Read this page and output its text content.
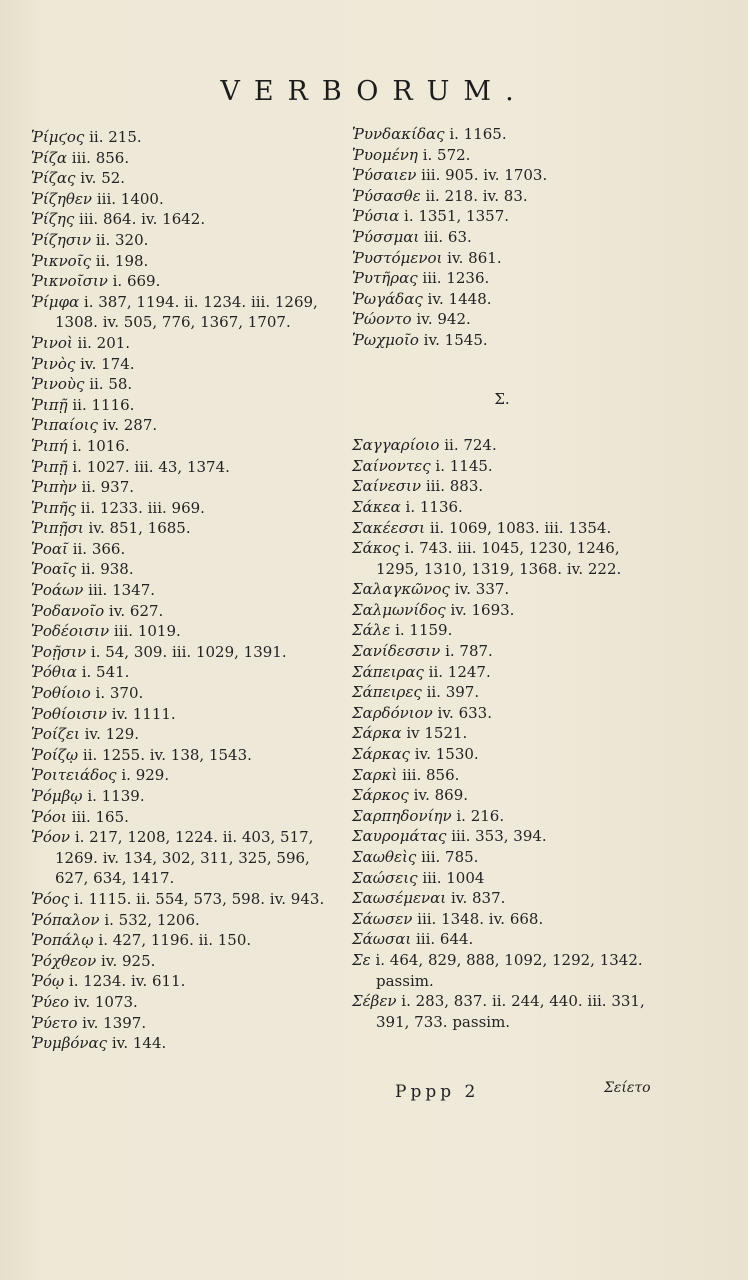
VERBORUM.

Ῥίμϛος ii. 215.

Ῥίζα iii. 856.

Ῥίζας iv. 52.

Ῥίζηθεν iii. 1400.

Ῥίζης iii. 864. iv. 1642.

Ῥίζησιν ii. 320.

Ῥικνοῖς ii. 198.

Ῥικνοῖσιν i. 669.

Ῥίμφα i. 387, 1194. ii. 1234. iii. 1269, 1308. iv. 505, 776, 1367, 1707.

Ῥινοὶ ii. 201.

Ῥινὸς iv. 174.

Ῥινοὺς ii. 58.

Ῥιπῇ ii. 1116.

Ῥιπαίοις iv. 287.

Ῥιπή i. 1016.

Ῥιπῇ i. 1027. iii. 43, 1374.

Ῥιπὴν ii. 937.

Ῥιπῆς ii. 1233. iii. 969.

Ῥιπῇσι iv. 851, 1685.

Ῥοαῖ ii. 366.

Ῥοαῖς ii. 938.

Ῥοάων iii. 1347.

Ῥοδανοῖο iv. 627.

Ῥοδέοισιν iii. 1019.

Ῥοῇσιν i. 54, 309. iii. 1029, 1391.

Ῥόθια i. 541.

Ῥοθίοιο i. 370.

Ῥοθίοισιν iv. 1111.

Ῥοίζει iv. 129.

Ῥοίζῳ ii. 1255. iv. 138, 1543.

Ῥοιτειάδος i. 929.

Ῥόμβῳ i. 1139.

Ῥόοι iii. 165.

Ῥόον i. 217, 1208, 1224. ii. 403, 517, 1269. iv. 134, 302, 311, 325, 596, 627, 634, 1417.

Ῥόος i. 1115. ii. 554, 573, 598. iv. 943.

Ῥόπαλον i. 532, 1206.

Ῥοπάλῳ i. 427, 1196. ii. 150.

Ῥόχθεον iv. 925.

Ῥόῳ i. 1234. iv. 611.

Ῥύεο iv. 1073.

Ῥύετο iv. 1397.

Ῥυμβόνας iv. 144.

Ῥυνδακίδας i. 1165.

Ῥυομένη i. 572.

Ῥύσαιεν iii. 905. iv. 1703.

Ῥύσασθε ii. 218. iv. 83.

Ῥύσια i. 1351, 1357.

Ῥύσσμαι iii. 63.

Ῥυστόμενοι iv. 861.

Ῥυτῆρας iii. 1236.

Ῥωγάδας iv. 1448.

Ῥώοντο iv. 942.

Ῥωχμοῖο iv. 1545.

Σ.

Σαγγαρίοιο ii. 724.

Σαίνοντες i. 1145.

Σαίνεσιν iii. 883.

Σάκεα i. 1136.

Σακέεσσι ii. 1069, 1083. iii. 1354.

Σάκος i. 743. iii. 1045, 1230, 1246, 1295, 1310, 1319, 1368. iv. 222.

Σαλαγκῶνος iv. 337.

Σαλμωνίδος iv. 1693.

Σάλε i. 1159.

Σανίδεσσιν i. 787.

Σάπειρας ii. 1247.

Σάπειρες ii. 397.

Σαρδόνιον iv. 633.

Σάρκα iv 1521.

Σάρκας iv. 1530.

Σαρκὶ iii. 856.

Σάρκος iv. 869.

Σαρπηδονίην i. 216.

Σαυρομάτας iii. 353, 394.

Σαωθεὶς iii. 785.

Σαώσεις iii. 1004

Σαωσέμεναι iv. 837.

Σάωσεν iii. 1348. iv. 668.

Σάωσαι iii. 644.

Σε i. 464, 829, 888, 1092, 1292, 1342. passim.

Σέβεν i. 283, 837. ii. 244, 440. iii. 331, 391, 733. passim.

Pppp 2	Σείετο
